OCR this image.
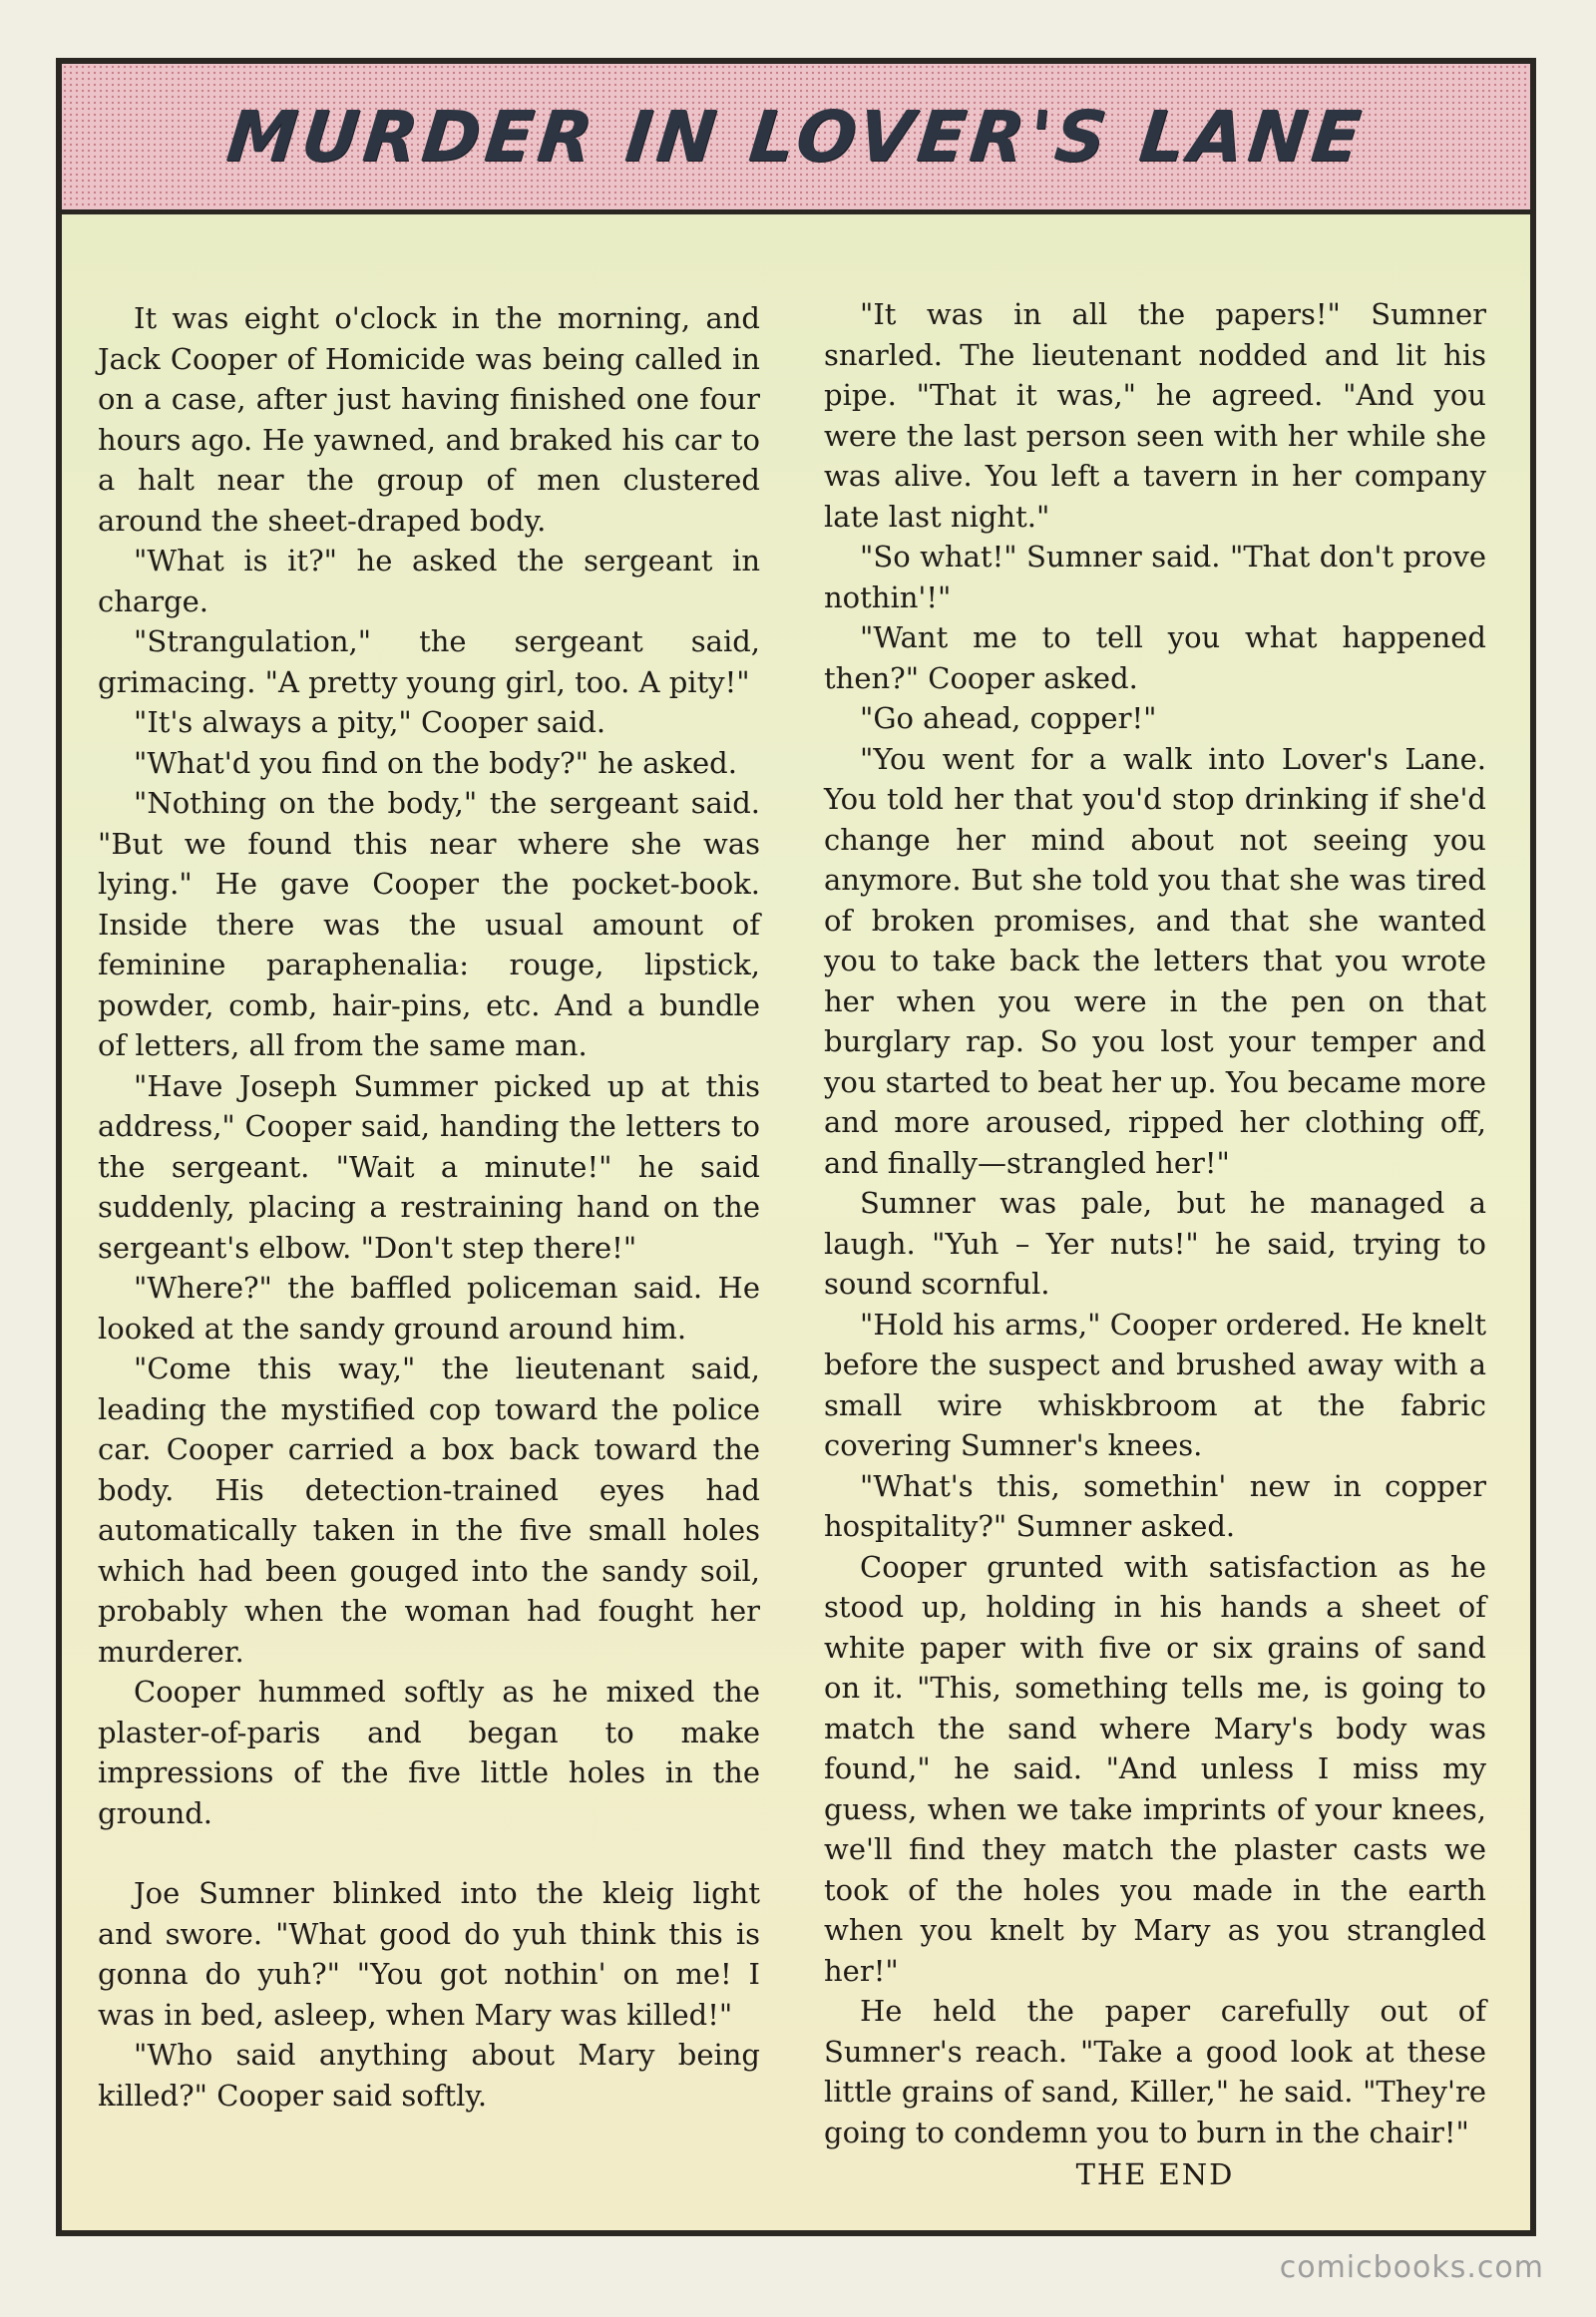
MURDER IN LOVER'S LANE

It was eight o'clock in the morning, and Jack Cooper of Homicide was being called in on a case, after just having finished one four hours ago. He yawned, and braked his car to a halt near the group of men clustered around the sheet-draped body.

"What is it?" he asked the sergeant in charge.

"Strangulation," the sergeant said, grimacing. "A pretty young girl, too. A pity!"

"It's always a pity," Cooper said.

"What'd you find on the body?" he asked.

"Nothing on the body," the sergeant said. "But we found this near where she was lying." He gave Cooper the pocket-book. Inside there was the usual amount of feminine paraphenalia: rouge, lipstick, powder, comb, hair-pins, etc. And a bundle of letters, all from the same man.

"Have Joseph Summer picked up at this address," Cooper said, handing the letters to the sergeant. "Wait a minute!" he said suddenly, placing a restraining hand on the sergeant's elbow. "Don't step there!"

"Where?" the baffled policeman said. He looked at the sandy ground around him.

"Come this way," the lieutenant said, leading the mystified cop toward the police car. Cooper carried a box back toward the body. His detection-trained eyes had automatically taken in the five small holes which had been gouged into the sandy soil, probably when the woman had fought her murderer.

Cooper hummed softly as he mixed the plaster-of-paris and began to make impressions of the five little holes in the ground.

Joe Sumner blinked into the kleig light and swore. "What good do yuh think this is gonna do yuh?" "You got nothin' on me! I was in bed, asleep, when Mary was killed!"

"Who said anything about Mary being killed?" Cooper said softly.

"It was in all the papers!" Sumner snarled. The lieutenant nodded and lit his pipe. "That it was," he agreed. "And you were the last person seen with her while she was alive. You left a tavern in her company late last night."

"So what!" Sumner said. "That don't prove nothin'!"

"Want me to tell you what happened then?" Cooper asked.

"Go ahead, copper!"

"You went for a walk into Lover's Lane. You told her that you'd stop drinking if she'd change her mind about not seeing you anymore. But she told you that she was tired of broken promises, and that she wanted you to take back the letters that you wrote her when you were in the pen on that burglary rap. So you lost your temper and you started to beat her up. You became more and more aroused, ripped her clothing off, and finally—strangled her!"

Sumner was pale, but he managed a laugh. "Yuh – Yer nuts!" he said, trying to sound scornful.

"Hold his arms," Cooper ordered. He knelt before the suspect and brushed away with a small wire whiskbroom at the fabric covering Sumner's knees.

"What's this, somethin' new in copper hospitality?" Sumner asked.

Cooper grunted with satisfaction as he stood up, holding in his hands a sheet of white paper with five or six grains of sand on it. "This, something tells me, is going to match the sand where Mary's body was found," he said. "And unless I miss my guess, when we take imprints of your knees, we'll find they match the plaster casts we took of the holes you made in the earth when you knelt by Mary as you strangled her!"

He held the paper carefully out of Sumner's reach. "Take a good look at these little grains of sand, Killer," he said. "They're going to condemn you to burn in the chair!"

THE END
comicbooks.com
